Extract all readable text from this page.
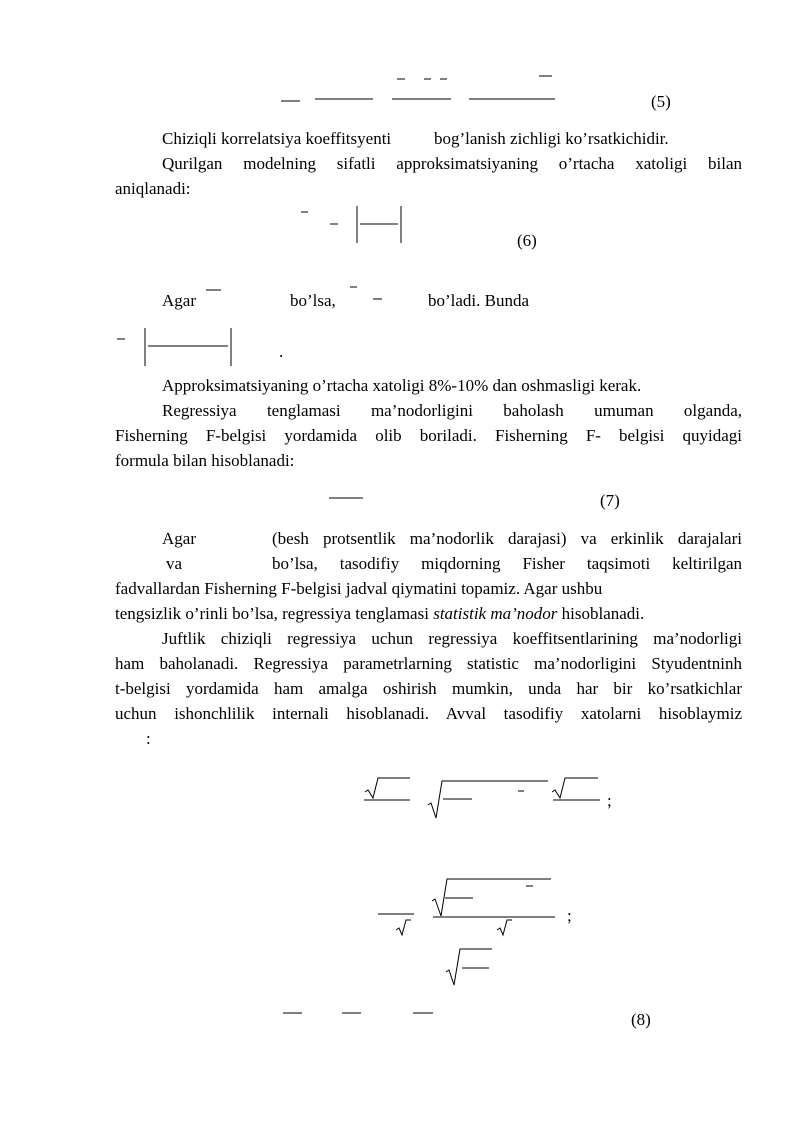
(5)
Chiziqli korrelatsiya koeffitsyenti	bog’lanish zichligi ko’rsatkichidir.
Qurilgan modelning sifatli approksimatsiyaning o’rtacha xatoligi bilan
aniqlanadi:
(6)
Agar	bo’lsa,	bo’ladi. Bunda
.
Approksimatsiyaning o’rtacha xatoligi 8%-10% dan oshmasligi kerak.
Regressiya tenglamasi ma’nodorligini baholash umuman olganda,
Fisherning F-belgisi yordamida olib boriladi. Fisherning F- belgisi quyidagi
formula bilan hisoblanadi:
(7)
Agar	(besh protsentlik ma’nodorlik darajasi) va erkinlik darajalari
va	bo’lsa, tasodifiy miqdorning Fisher taqsimoti keltirilgan
fadvallardan Fisherning F-belgisi jadval qiymatini topamiz. Agar ushbu
tengsizlik o’rinli bo’lsa, regressiya tenglamasi statistik ma’nodor hisoblanadi.
Juftlik chiziqli regressiya uchun regressiya koeffitsentlarining ma’nodorligi
ham baholanadi. Regressiya parametrlarning statistic ma’nodorligini Styudentninh
t-belgisi yordamida ham amalga oshirish mumkin, unda har bir ko’rsatkichlar
uchun ishonchlilik internali hisoblanadi. Avval tasodifiy xatolarni hisoblaymiz
:
;
;
(8)
